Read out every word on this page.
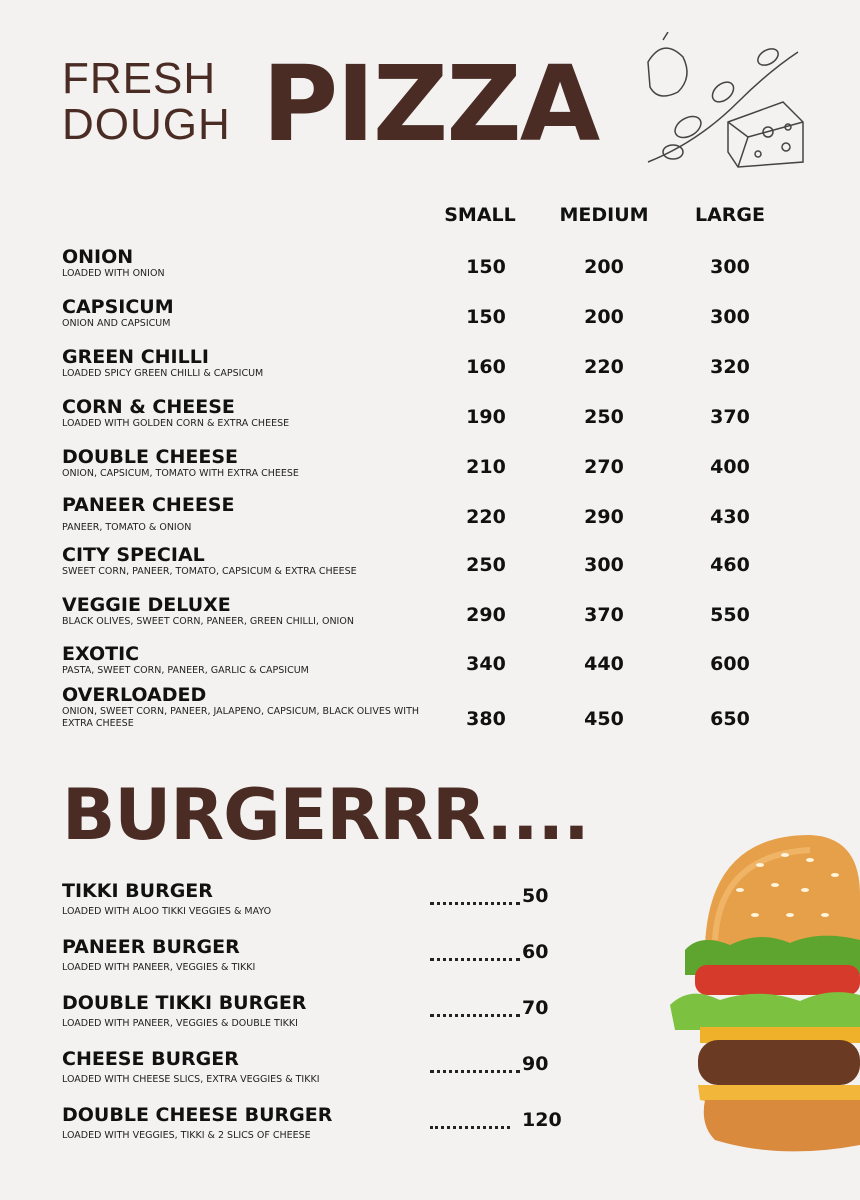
FRESH
DOUGH PIZZA
SMALL	MEDIUM	LARGE
ONION
LOADED WITH ONION	150	200	300
CAPSICUM
ONION AND CAPSICUM	150	200	300
GREEN CHILLI
LOADED SPICY GREEN CHILLI & CAPSICUM	160	220	320
CORN & CHEESE
LOADED WITH GOLDEN CORN & EXTRA CHEESE	190	250	370
DOUBLE CHEESE
ONION, CAPSICUM, TOMATO WITH EXTRA CHEESE	210	270	400
PANEER CHEESE
PANEER, TOMATO & ONION	220	290	430
CITY SPECIAL
SWEET CORN, PANEER, TOMATO, CAPSICUM & EXTRA CHEESE	250	300	460
VEGGIE DELUXE
BLACK OLIVES, SWEET CORN, PANEER, GREEN CHILLI, ONION	290	370	550
EXOTIC
PASTA, SWEET CORN, PANEER, GARLIC & CAPSICUM	340	440	600
OVERLOADED
ONION, SWEET CORN, PANEER, JALAPENO, CAPSICUM, BLACK OLIVES WITH EXTRA CHEESE	380	450	650
BURGERRR....
TIKKI BURGER
LOADED WITH ALOO TIKKI VEGGIES & MAYO
50
PANEER BURGER
LOADED WITH PANEER, VEGGIES & TIKKI
60
DOUBLE TIKKI BURGER
LOADED WITH PANEER, VEGGIES & DOUBLE TIKKI
70
CHEESE BURGER
LOADED WITH CHEESE SLICS, EXTRA VEGGIES & TIKKI
90
DOUBLE CHEESE BURGER
LOADED WITH VEGGIES, TIKKI & 2 SLICS OF CHEESE
120
